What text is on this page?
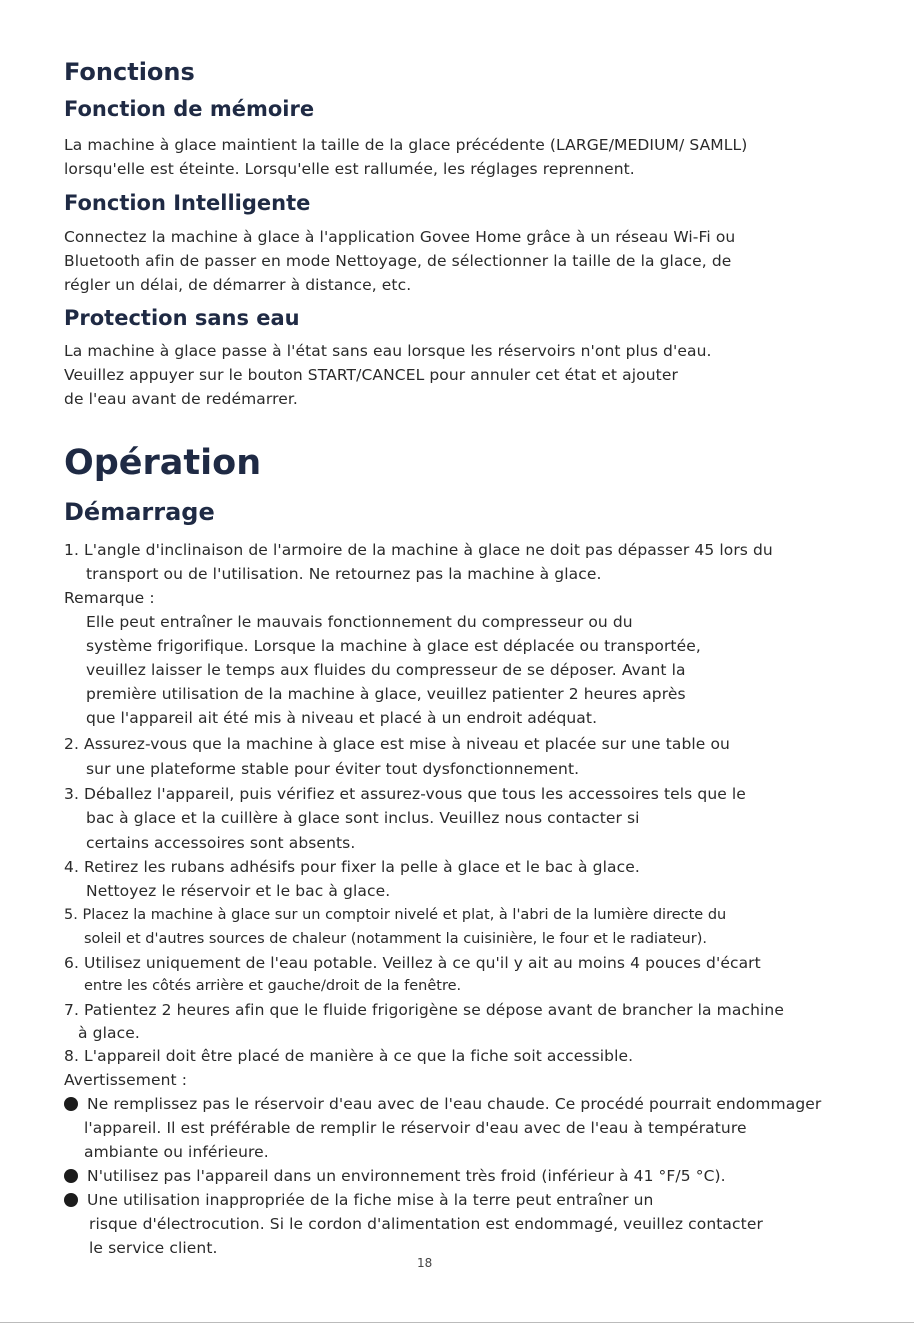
Fonctions
Fonction de mémoire
La machine à glace maintient la taille de la glace précédente (LARGE/MEDIUM/ SAMLL)
lorsqu'elle est éteinte. Lorsqu'elle est rallumée, les réglages reprennent.
Fonction Intelligente
Connectez la machine à glace à l'application Govee Home grâce à un réseau Wi-Fi ou
Bluetooth afin de passer en mode Nettoyage, de sélectionner la taille de la glace, de
régler un délai, de démarrer à distance, etc.
Protection sans eau
La machine à glace passe à l'état sans eau lorsque les réservoirs n'ont plus d'eau.
Veuillez appuyer sur le bouton START/CANCEL pour annuler cet état et ajouter
de l'eau avant de redémarrer.
Opération
Démarrage
1. L'angle d'inclinaison de l'armoire de la machine à glace ne doit pas dépasser 45 lors du
transport ou de l'utilisation. Ne retournez pas la machine à glace.
Remarque :
Elle peut entraîner le mauvais fonctionnement du compresseur ou du
système frigorifique. Lorsque la machine à glace est déplacée ou transportée,
veuillez laisser le temps aux fluides du compresseur de se déposer. Avant la
première utilisation de la machine à glace, veuillez patienter 2 heures après
que l'appareil ait été mis à niveau et placé à un endroit adéquat.
2. Assurez-vous que la machine à glace est mise à niveau et placée sur une table ou
sur une plateforme stable pour éviter tout dysfonctionnement.
3. Déballez l'appareil, puis vérifiez et assurez-vous que tous les accessoires tels que le
bac à glace et la cuillère à glace sont inclus. Veuillez nous contacter si
certains accessoires sont absents.
4. Retirez les rubans adhésifs pour fixer la pelle à glace et le bac à glace.
Nettoyez le réservoir et le bac à glace.
5. Placez la machine à glace sur un comptoir nivelé et plat, à l'abri de la lumière directe du
soleil et d'autres sources de chaleur (notamment la cuisinière, le four et le radiateur).
6. Utilisez uniquement de l'eau potable. Veillez à ce qu'il y ait au moins 4 pouces d'écart
entre les côtés arrière et gauche/droit de la fenêtre.
7. Patientez 2 heures afin que le fluide frigorigène se dépose avant de brancher la machine
à glace.
8. L'appareil doit être placé de manière à ce que la fiche soit accessible.
Avertissement :
Ne remplissez pas le réservoir d'eau avec de l'eau chaude. Ce procédé pourrait endommager
l'appareil. Il est préférable de remplir le réservoir d'eau avec de l'eau à température
ambiante ou inférieure.
N'utilisez pas l'appareil dans un environnement très froid (inférieur à 41 °F/5 °C).
Une utilisation inappropriée de la fiche mise à la terre peut entraîner un
risque d'électrocution. Si le cordon d'alimentation est endommagé, veuillez contacter
le service client.
18
